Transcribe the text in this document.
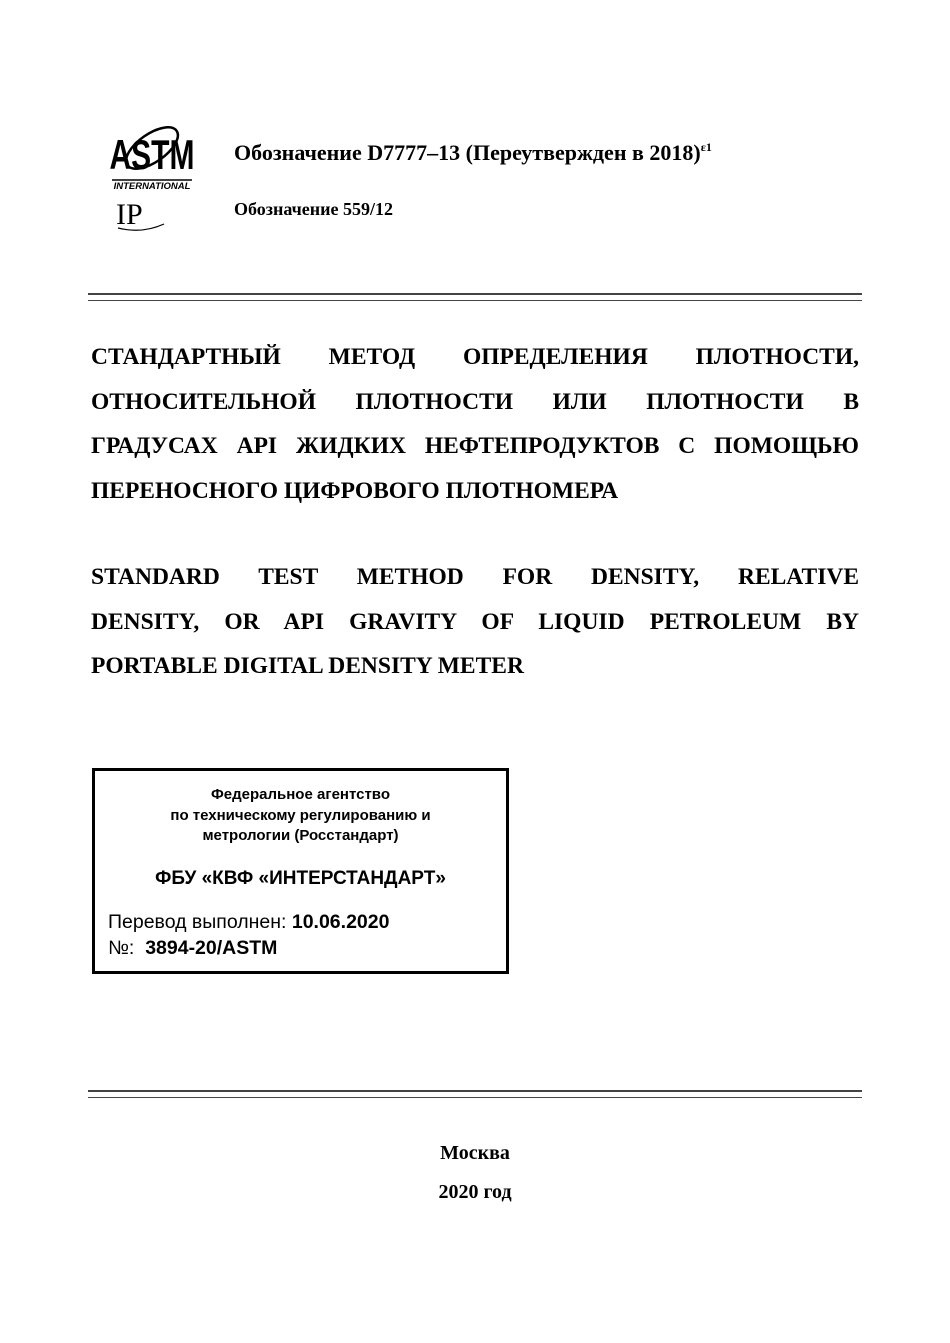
ASTM
INTERNATIONAL
IP
Обозначение D7777–13 (Переутвержден в 2018)$^{\varepsilon 1}$
Обозначение 559/12
СТАНДАРТНЫЙ МЕТОД ОПРЕДЕЛЕНИЯ ПЛОТНОСТИ,
ОТНОСИТЕЛЬНОЙ ПЛОТНОСТИ ИЛИ ПЛОТНОСТИ В
ГРАДУСАХ API ЖИДКИХ НЕФТЕПРОДУКТОВ С ПОМОЩЬЮ
ПЕРЕНОСНОГО ЦИФРОВОГО ПЛОТНОМЕРА
STANDARD TEST METHOD FOR DENSITY, RELATIVE
DENSITY, OR API GRAVITY OF LIQUID PETROLEUM BY
PORTABLE DIGITAL DENSITY METER
Федеральное агентство
по техническому регулированию и
метрологии (Росстандарт)
ФБУ «КВФ «ИНТЕРСТАНДАРТ»
Перевод выполнен: 10.06.2020
№: 3894-20/ASTM
Москва
2020 год
